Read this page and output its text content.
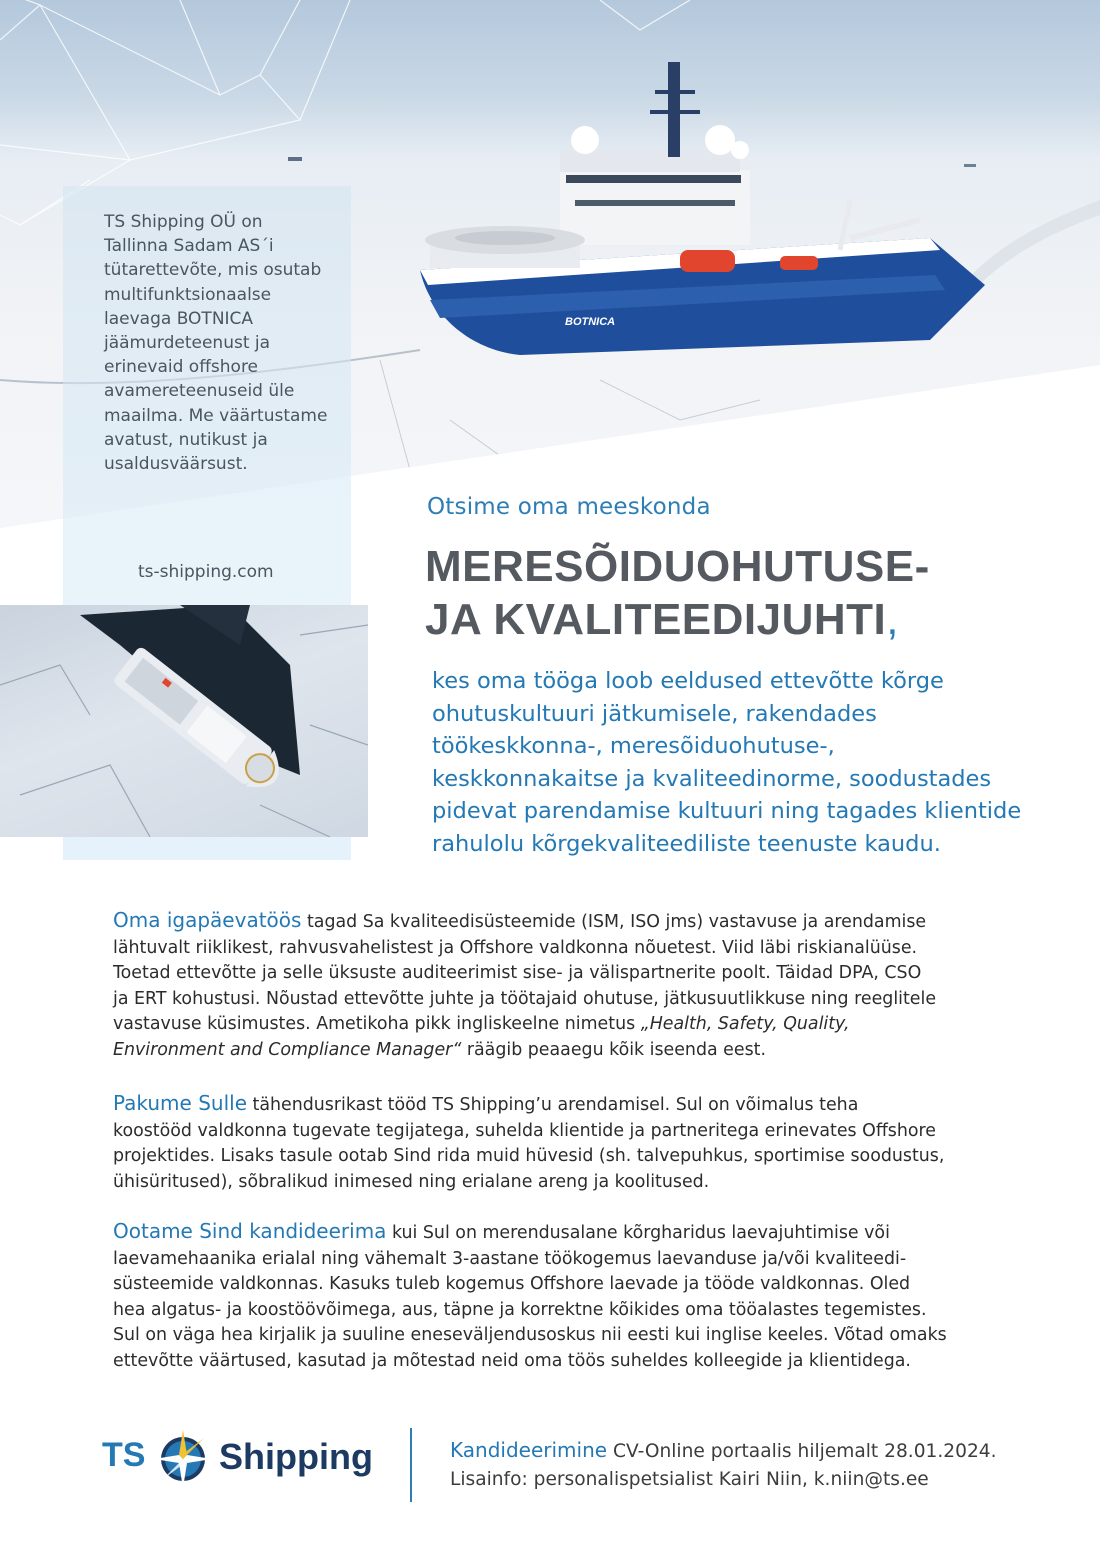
BOTNICA
TS Shipping OÜ on
Tallinna Sadam AS´i
tütarettevõte, mis osutab
multifunktsionaalse
laevaga BOTNICA
jäämurdeteenust ja
erinevaid offshore
avamereteenuseid üle
maailma. Me väärtustame
avatust, nutikust ja
usaldusväärsust.
ts-shipping.com
Otsime oma meeskonda
MERESÕIDUOHUTUSE-
JA KVALITEEDIJUHTI,
kes oma tööga loob eeldused ettevõtte kõrge
ohutuskultuuri jätkumisele, rakendades
töökeskkonna-, meresõiduohutuse-,
keskkonnakaitse ja kvaliteedinorme, soodustades
pidevat parendamise kultuuri ning tagades klientide
rahulolu kõrgekvaliteediliste teenuste kaudu.
Oma igapäevatöös tagad Sa kvaliteedisüsteemide (ISM, ISO jms) vastavuse ja arendamise
lähtuvalt riiklikest, rahvusvahelistest ja Offshore valdkonna nõuetest. Viid läbi riskianalüüse.
Toetad ettevõtte ja selle üksuste auditeerimist sise- ja välispartnerite poolt. Täidad DPA, CSO
ja ERT kohustusi. Nõustad ettevõtte juhte ja töötajaid ohutuse, jätkusuutlikkuse ning reeglitele
vastavuse küsimustes. Ametikoha pikk ingliskeelne nimetus „Health, Safety, Quality,
Environment and Compliance Manager“ räägib peaaegu kõik iseenda eest.
Pakume Sulle tähendusrikast tööd TS Shipping’u arendamisel. Sul on võimalus teha
koostööd valdkonna tugevate tegijatega, suhelda klientide ja partneritega erinevates Offshore
projektides. Lisaks tasule ootab Sind rida muid hüvesid (sh. talvepuhkus, sportimise soodustus,
ühisüritused), sõbralikud inimesed ning erialane areng ja koolitused.
Ootame Sind kandideerima kui Sul on merendusalane kõrgharidus laevajuhtimise või
laevamehaanika erialal ning vähemalt 3-aastane töökogemus laevanduse ja/või kvaliteedi-
süsteemide valdkonnas. Kasuks tuleb kogemus Offshore laevade ja tööde valdkonnas. Oled
hea algatus- ja koostöövõimega, aus, täpne ja korrektne kõikides oma tööalastes tegemistes.
Sul on väga hea kirjalik ja suuline eneseväljendusoskus nii eesti kui inglise keeles. Võtad omaks
ettevõtte väärtused, kasutad ja mõtestad neid oma töös suheldes kolleegide ja klientidega.
TS Shipping	Kandideerimine CV-Online portaalis hiljemalt 28.01.2024.
Lisainfo: personalispetsialist Kairi Niin, k.niin@ts.ee
